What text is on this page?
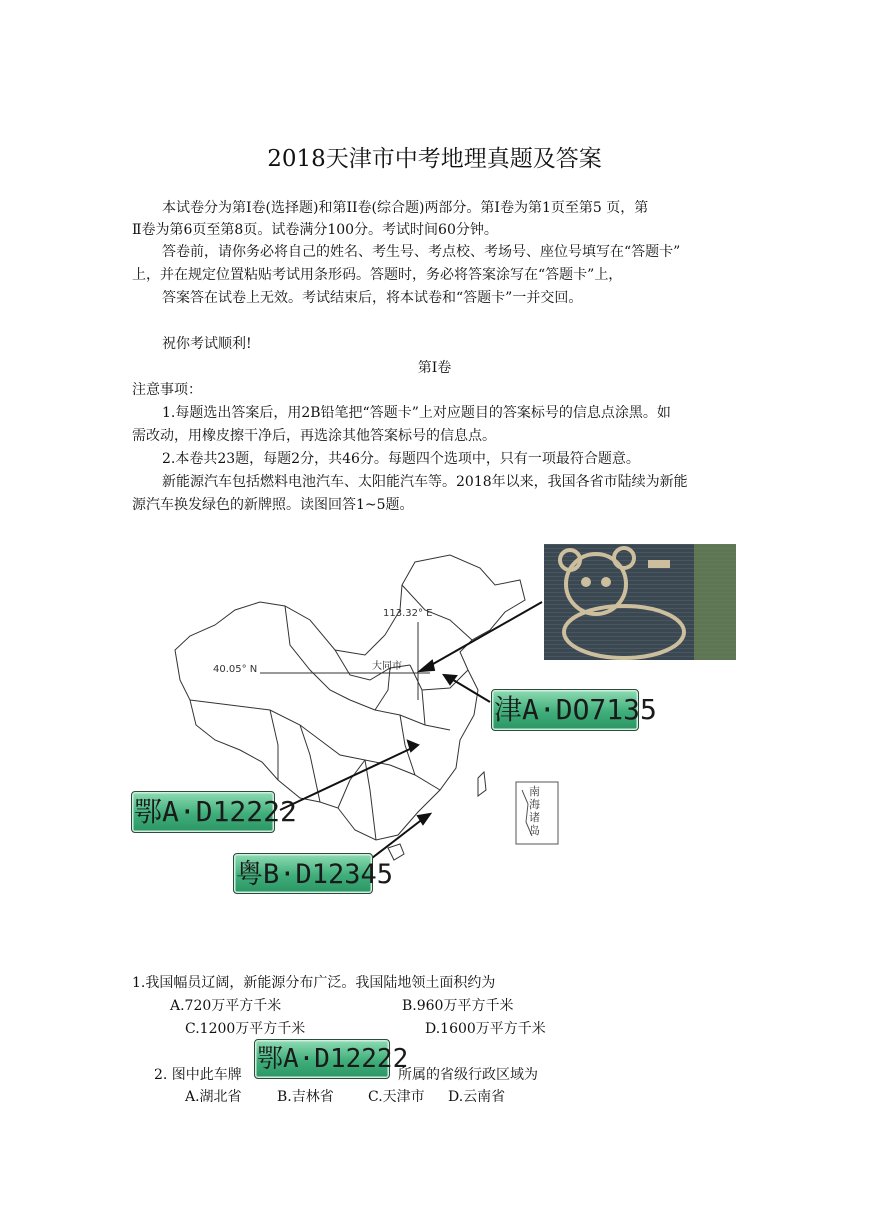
2018天津市中考地理真题及答案
本试卷分为第Ⅰ卷(选择题)和第II卷(综合题)两部分。第Ⅰ卷为第1页至第5 页，第
Ⅱ卷为第6页至第8页。试卷满分100分。考试时间60分钟。
答卷前，请你务必将自己的姓名、考生号、考点校、考场号、座位号填写在“答题卡”
上，并在规定位置粘贴考试用条形码。答题时，务必将答案涂写在“答题卡”上，
答案答在试卷上无效。考试结束后，将本试卷和“答题卡”一并交回。
祝你考试顺利!
第Ⅰ卷
注意事项：
1.每题选出答案后，用2B铅笔把“答题卡”上对应题目的答案标号的信息点涂黑。如
需改动，用橡皮擦干净后，再选涂其他答案标号的信息点。
2.本卷共23题，每题2分，共46分。每题四个选项中，只有一项最符合题意。
新能源汽车包括燃料电池汽车、太阳能汽车等。2018年以来，我国各省市陆续为新能
源汽车换发绿色的新牌照。读图回答1~5题。
113.32° E
40.05° N	大同市
南海诸岛
津A·DO7135
鄂A·D12222
粤B·D12345
1.我国幅员辽阔，新能源分布广泛。我国陆地领土面积约为
A.720万平方千米	B.960万平方千米
C.1200万平方千米	D.1600万平方千米
2. 图中此车牌
鄂A·D12222
所属的省级行政区域为
A.湖北省	B.吉林省 C.天津市 D.云南省
